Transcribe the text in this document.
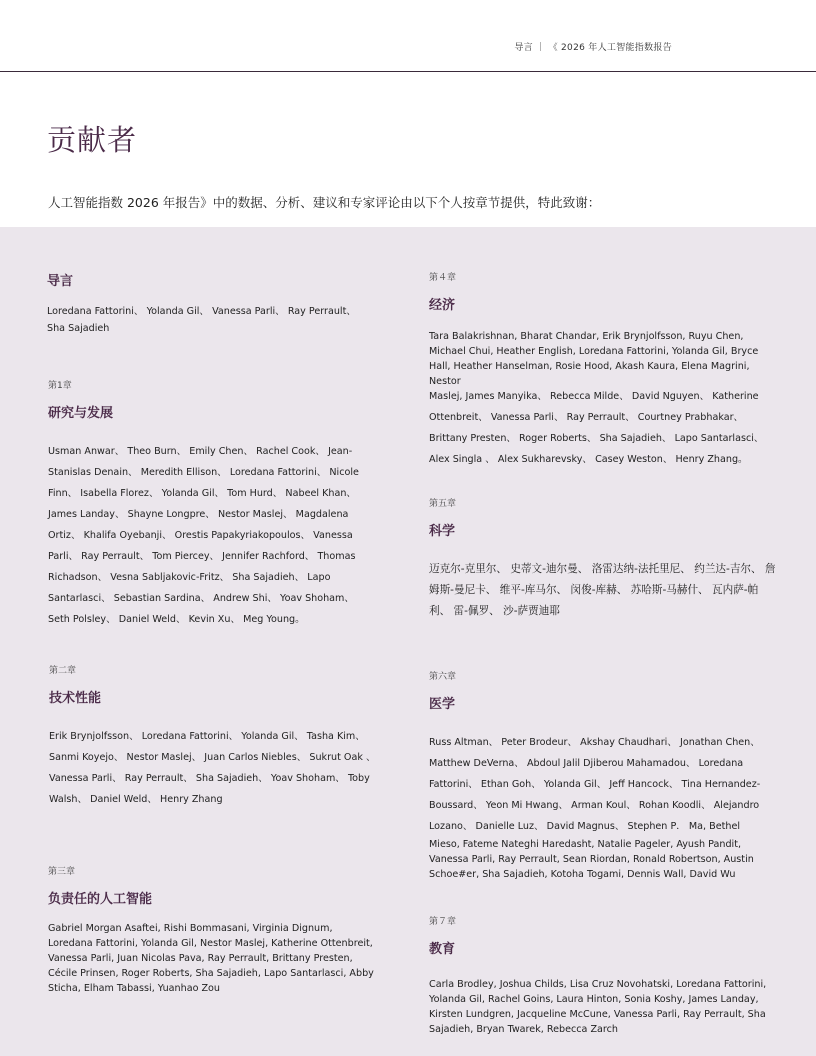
导言 ｜ 《 2026 年人工智能指数报告
贡献者
人工智能指数 2026 年报告》中的数据、分析、建议和专家评论由以下个人按章节提供，特此致谢：
导言

Loredana Fattorini、 Yolanda Gil、 Vanessa Parli、 Ray Perrault、 Sha Sajadieh

第1章
研究与发展

Usman Anwar、 Theo Burn、 Emily Chen、 Rachel Cook、 Jean-Stanislas Denain、 Meredith Ellison、 Loredana Fattorini、 Nicole Finn、 Isabella Florez、 Yolanda Gil、 Tom Hurd、 Nabeel Khan、 James Landay、 Shayne Longpre、 Nestor Maslej、 Magdalena Ortiz、 Khalifa Oyebanji、 Orestis Papakyriakopoulos、 Vanessa Parli、 Ray Perrault、 Tom Piercey、 Jennifer Rachford、 Thomas Richadson、 Vesna Sabljakovic-Fritz、 Sha Sajadieh、 Lapo Santarlasci、 Sebastian Sardina、 Andrew Shi、 Yoav Shoham、 Seth Polsley、 Daniel Weld、 Kevin Xu、 Meg Young。

第二章
技术性能

Erik Brynjolfsson、 Loredana Fattorini、 Yolanda Gil、 Tasha Kim、 Sanmi Koyejo、 Nestor Maslej、 Juan Carlos Niebles、 Sukrut Oak 、 Vanessa Parli、 Ray Perrault、 Sha Sajadieh、 Yoav Shoham、 Toby Walsh、 Daniel Weld、 Henry Zhang

第三章
负责任的人工智能

Gabriel Morgan Asaftei, Rishi Bommasani, Virginia Dignum, Loredana Fattorini, Yolanda Gil, Nestor Maslej, Katherine Ottenbreit, Vanessa Parli, Juan Nicolas Pava, Ray Perrault, Brittany Presten, Cécile Prinsen, Roger Roberts, Sha Sajadieh, Lapo Santarlasci, Abby Sticha, Elham Tabassi, Yuanhao Zou

第４章
经济

Tara Balakrishnan, Bharat Chandar, Erik Brynjolfsson, Ruyu Chen, Michael Chui, Heather English, Loredana Fattorini, Yolanda Gil, Bryce Hall, Heather Hanselman, Rosie Hood, Akash Kaura, Elena Magrini, Nestor

Maslej, James Manyika、 Rebecca Milde、 David Nguyen、 Katherine Ottenbreit、 Vanessa Parli、 Ray Perrault、 Courtney Prabhakar、 Brittany Presten、 Roger Roberts、 Sha Sajadieh、 Lapo Santarlasci、 Alex Singla 、 Alex Sukharevsky、 Casey Weston、 Henry Zhang。

第五章
科学

迈克尔-克里尔、 史蒂文-迪尔曼、 洛雷达纳-法托里尼、 约兰达-吉尔、 詹姆斯-曼尼卡、 维平-库马尔、 闵俊-库赫、 苏哈斯-马赫什、 瓦内萨-帕利、 雷-佩罗、 沙-萨贾迪耶

第六章
医学

Russ Altman、 Peter Brodeur、 Akshay Chaudhari、 Jonathan Chen、 Matthew DeVerna、 Abdoul Jalil Djiberou Mahamadou、 Loredana Fattorini、 Ethan Goh、 Yolanda Gil、 Jeff Hancock、 Tina Hernandez-Boussard、 Yeon Mi Hwang、 Arman Koul、 Rohan Koodli、 Alejandro Lozano、 Danielle Luz、 David Magnus、 Stephen P． Ma, Bethel

Mieso, Fateme Nateghi Haredasht, Natalie Pageler, Ayush Pandit, Vanessa Parli, Ray Perrault, Sean Riordan, Ronald Robertson, Austin Schoe#er, Sha Sajadieh, Kotoha Togami, Dennis Wall, David Wu

第７章
教育

Carla Brodley, Joshua Childs, Lisa Cruz Novohatski, Loredana Fattorini, Yolanda Gil, Rachel Goins, Laura Hinton, Sonia Koshy, James Landay, Kirsten Lundgren, Jacqueline McCune, Vanessa Parli, Ray Perrault, Sha Sajadieh, Bryan Twarek, Rebecca Zarch
